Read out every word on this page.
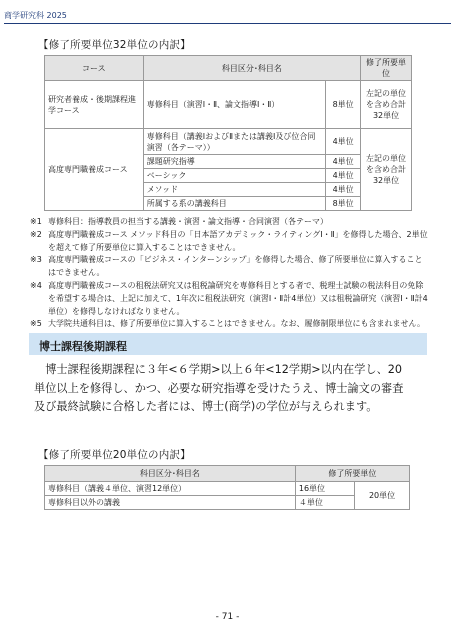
商学研究科 2025
【修了所要単位32単位の内訳】
コース	科目区分･科目名		修了所要単位
研究者養成・後期課程進学コース	専修科目（演習Ⅰ・Ⅱ、論文指導Ⅰ・Ⅱ）	8単位	左記の単位を含め合計32単位
高度専門職養成コース	専修科目（講義ⅠおよびⅡまたは講義Ⅰ及び位合同演習（各テーマ））	4単位	左記の単位を含め合計32単位
	課題研究指導	4単位	
	ベーシック	4単位	
	メソッド	4単位	
	所属する系の講義科目	8単位	
※1 専修科目：指導教員の担当する講義・演習・論文指導・合同演習（各テーマ）
※2 高度専門職養成コース メソッド科目の「日本語アカデミック・ライティングⅠ・Ⅱ」を修得した場合、2単位を超えて修了所要単位に算入することはできません。
※3 高度専門職養成コースの「ビジネス・インターンシップ」を修得した場合、修了所要単位に算入することはできません。
※4 高度専門職養成コースの租税法研究又は租税論研究を専修科目とする者で、税理士試験の税法科目の免除を希望する場合は、上記に加えて、1年次に租税法研究（演習Ⅰ・Ⅱ計4単位）又は租税論研究（演習Ⅰ・Ⅱ計4単位）を修得しなければなりません。
※5 大学院共通科目は、修了所要単位に算入することはできません。なお、履修制限単位にも含まれません。
博士課程後期課程
　博士課程後期課程に３年<６学期>以上６年<12学期>以内在学し、20
単位以上を修得し、かつ、必要な研究指導を受けたうえ、博士論文の審査
及び最終試験に合格した者には、博士(商学)の学位が与えられます。
【修了所要単位20単位の内訳】
科目区分･科目名	修了所要単位	
専修科目（講義４単位、演習12単位）	16単位	20単位
専修科目以外の講義	４単位	
- 71 -
